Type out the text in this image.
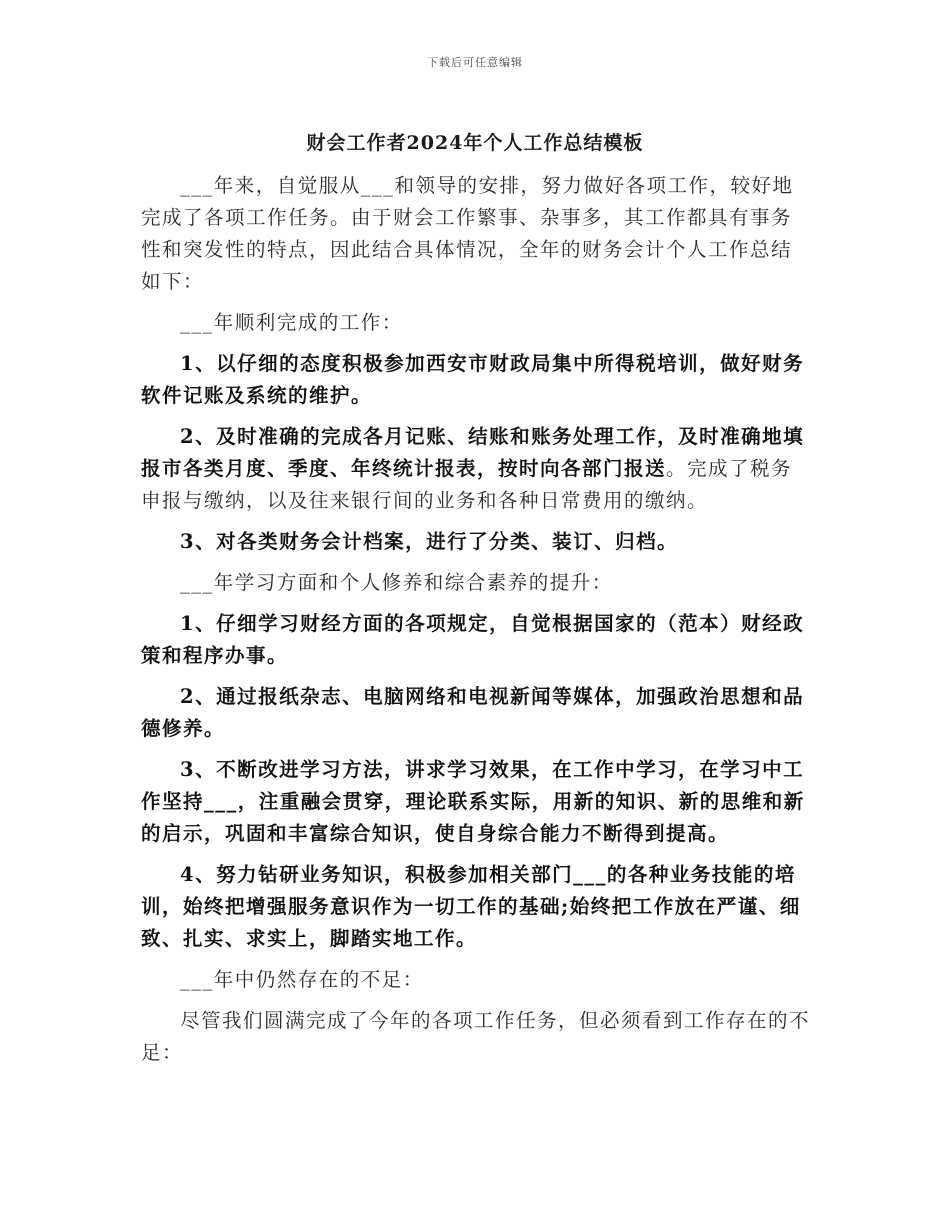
下载后可任意编辑
财会工作者2024年个人工作总结模板

___年来，自觉服从___和领导的安排，努力做好各项工作，较好地完成了各项工作任务。由于财会工作繁事、杂事多，其工作都具有事务性和突发性的特点，因此结合具体情况，全年的财务会计个人工作总结如下：

___年顺利完成的工作：

1、以仔细的态度积极参加西安市财政局集中所得税培训，做好财务软件记账及系统的维护。

2、及时准确的完成各月记账、结账和账务处理工作，及时准确地填报市各类月度、季度、年终统计报表，按时向各部门报送。完成了税务申报与缴纳，以及往来银行间的业务和各种日常费用的缴纳。

3、对各类财务会计档案，进行了分类、装订、归档。

___年学习方面和个人修养和综合素养的提升：

1、仔细学习财经方面的各项规定，自觉根据国家的（范本）财经政策和程序办事。

2、通过报纸杂志、电脑网络和电视新闻等媒体，加强政治思想和品德修养。

3、不断改进学习方法，讲求学习效果，在工作中学习，在学习中工作坚持___，注重融会贯穿，理论联系实际，用新的知识、新的思维和新的启示，巩固和丰富综合知识，使自身综合能力不断得到提高。

4、努力钻研业务知识，积极参加相关部门___的各种业务技能的培训，始终把增强服务意识作为一切工作的基础;始终把工作放在严谨、细致、扎实、求实上，脚踏实地工作。

___年中仍然存在的不足：

尽管我们圆满完成了今年的各项工作任务，但必须看到工作存在的不足：
